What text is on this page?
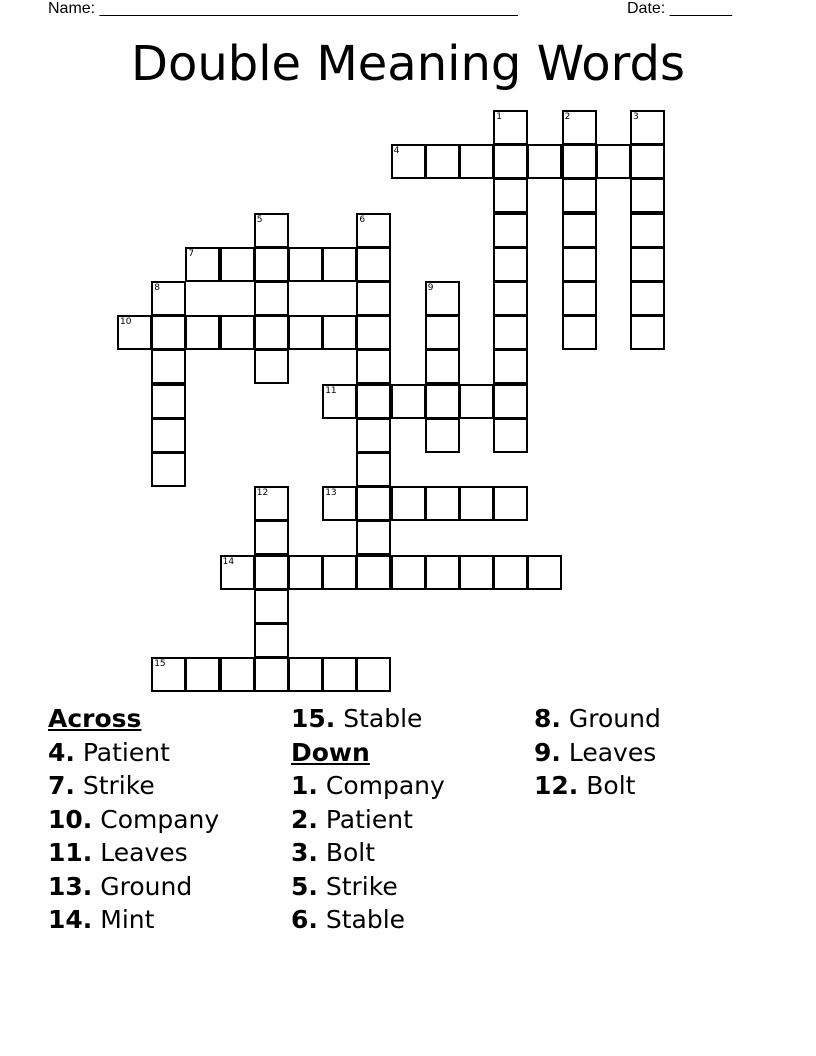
Name: _______________________________________________	Date: _______
Double Meaning Words
1	2	3
4
5	6
7
8	9
10
11
12	13
14
15
Across
4. Patient
7. Strike
10. Company
11. Leaves
13. Ground
14. Mint
15. Stable
Down
1. Company
2. Patient
3. Bolt
5. Strike
6. Stable
8. Ground
9. Leaves
12. Bolt
